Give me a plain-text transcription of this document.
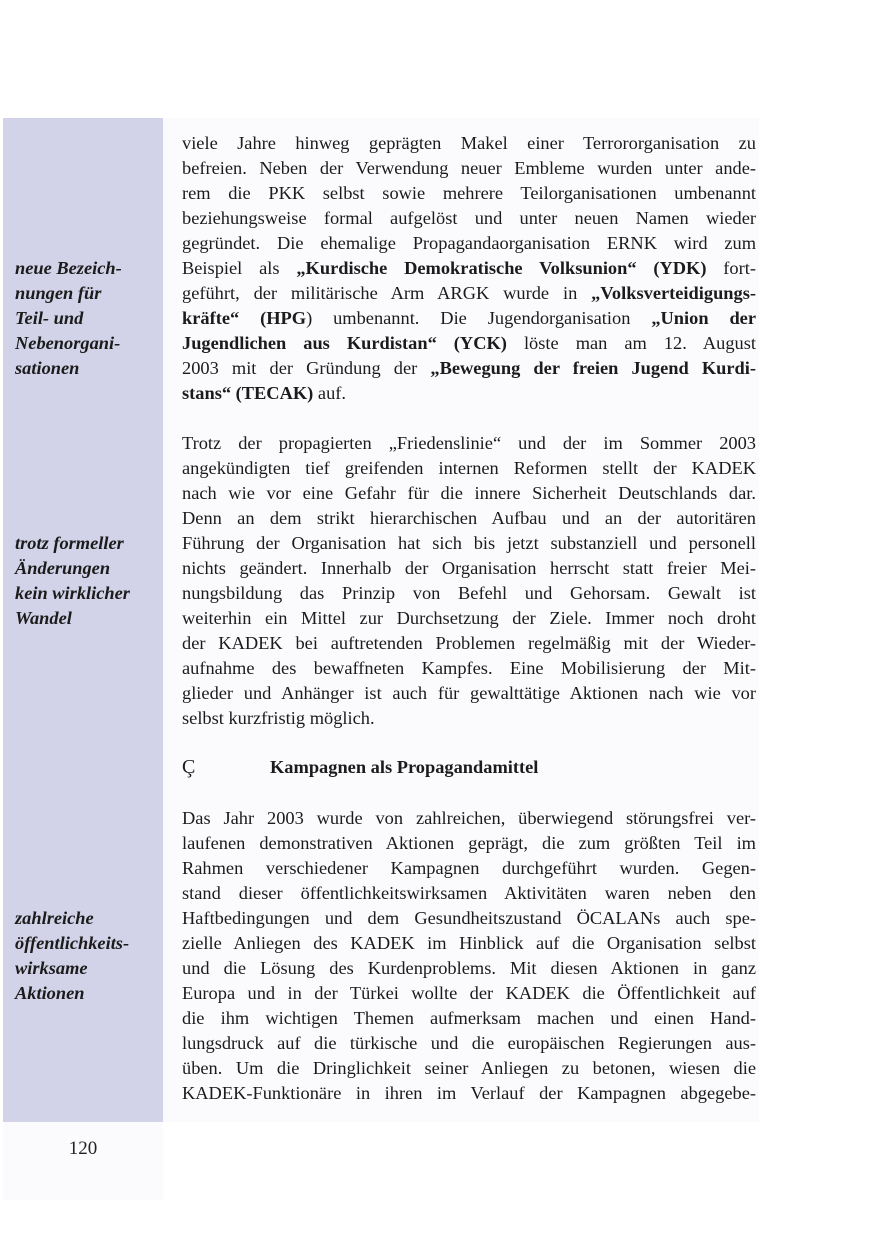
neue Bezeich-
nungen für
Teil- und
Nebenorgani-
sationen
trotz formeller
Änderungen
kein wirklicher
Wandel
zahlreiche
öffentlichkeits-
wirksame
Aktionen
viele Jahre hinweg geprägten Makel einer Terrororganisation zu
befreien. Neben der Verwendung neuer Embleme wurden unter ande-
rem die PKK selbst sowie mehrere Teilorganisationen umbenannt
beziehungsweise formal aufgelöst und unter neuen Namen wieder
gegründet. Die ehemalige Propagandaorganisation ERNK wird zum
Beispiel als „Kurdische Demokratische Volksunion“ (YDK) fort-
geführt, der militärische Arm ARGK wurde in „Volksverteidigungs-
kräfte“ (HPG) umbenannt. Die Jugendorganisation „Union der
Jugendlichen aus Kurdistan“ (YCK) löste man am 12. August
2003 mit der Gründung der „Bewegung der freien Jugend Kurdi-
stans“ (TECAK) auf.
Trotz der propagierten „Friedenslinie“ und der im Sommer 2003
angekündigten tief greifenden internen Reformen stellt der KADEK
nach wie vor eine Gefahr für die innere Sicherheit Deutschlands dar.
Denn an dem strikt hierarchischen Aufbau und an der autoritären
Führung der Organisation hat sich bis jetzt substanziell und personell
nichts geändert. Innerhalb der Organisation herrscht statt freier Mei-
nungsbildung das Prinzip von Befehl und Gehorsam. Gewalt ist
weiterhin ein Mittel zur Durchsetzung der Ziele. Immer noch droht
der KADEK bei auftretenden Problemen regelmäßig mit der Wieder-
aufnahme des bewaffneten Kampfes. Eine Mobilisierung der Mit-
glieder und Anhänger ist auch für gewalttätige Aktionen nach wie vor
selbst kurzfristig möglich.
Ç	Kampagnen als Propagandamittel
Das Jahr 2003 wurde von zahlreichen, überwiegend störungsfrei ver-
laufenen demonstrativen Aktionen geprägt, die zum größten Teil im
Rahmen verschiedener Kampagnen durchgeführt wurden. Gegen-
stand dieser öffentlichkeitswirksamen Aktivitäten waren neben den
Haftbedingungen und dem Gesundheitszustand ÖCALANs auch spe-
zielle Anliegen des KADEK im Hinblick auf die Organisation selbst
und die Lösung des Kurdenproblems. Mit diesen Aktionen in ganz
Europa und in der Türkei wollte der KADEK die Öffentlichkeit auf
die ihm wichtigen Themen aufmerksam machen und einen Hand-
lungsdruck auf die türkische und die europäischen Regierungen aus-
üben. Um die Dringlichkeit seiner Anliegen zu betonen, wiesen die
KADEK-Funktionäre in ihren im Verlauf der Kampagnen abgegebe-
120
